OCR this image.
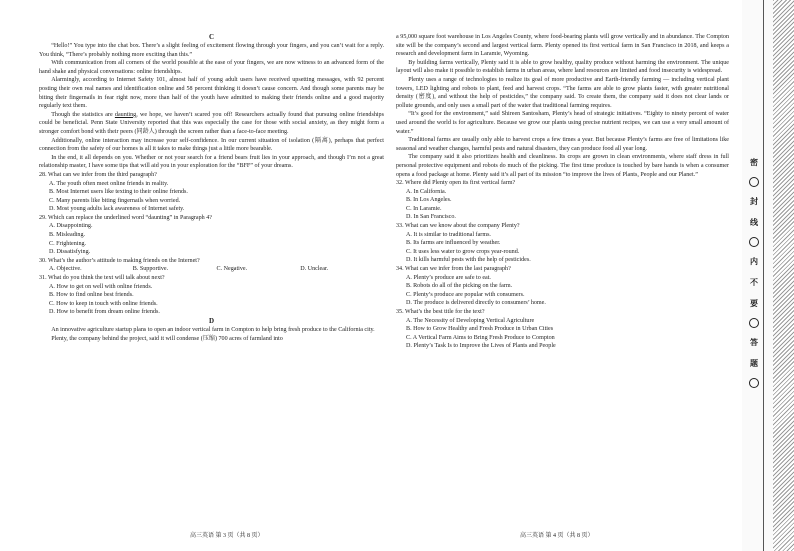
C

“Hello!” You type into the chat box. There’s a slight feeling of excitement flowing through your fingers, and you can’t wait for a reply. You think, “There’s probably nothing more exciting than this.”

With communication from all corners of the world possible at the ease of your fingers, we are now witness to an advanced form of the hand shake and physical conversations: online friendships.

Alarmingly, according to Internet Safety 101, almost half of young adult users have received upsetting messages, with 92 percent posting their own real names and identification online and 58 percent thinking it doesn’t cause concern. And though some parents may be biting their fingernails in fear right now, more than half of the youth have admitted to making their friends online and a good majority regularly text them.

Though the statistics are daunting, we hope, we haven’t scared you off! Researchers actually found that pursuing online friendships could be beneficial. Penn State University reported that this was especially the case for those with social anxiety, as they might form a stronger comfort bond with their peers (同龄人) through the screen rather than a face-to-face meeting.

Additionally, online interaction may increase your self-confidence. In our current situation of isolation (隔离), perhaps that perfect connection from the safety of our homes is all it takes to make things just a little more bearable.

In the end, it all depends on you. Whether or not your search for a friend bears fruit lies in your approach, and though I’m not a great relationship master, I have some tips that will aid you in your exploration for the “BFF” of your dreams.

28. What can we infer from the third paragraph?

A. The youth often meet online friends in reality.

B. Most Internet users like texting to their online friends.

C. Many parents like biting fingernails when worried.

D. Most young adults lack awareness of Internet safety.

29. Which can replace the underlined word “daunting” in Paragraph 4?

A. Disappointing.

B. Misleading.

C. Frightening.

D. Dissatisfying.

30. What’s the author’s attitude to making friends on the Internet?

A. Objective.	B. Supportive.	C. Negative.	D. Unclear.

31. What do you think the text will talk about next?

A. How to get on well with online friends.

B. How to find online best friends.

C. How to keep in touch with online friends.

D. How to benefit from dream online friends.

D

An innovative agriculture startup plans to open an indoor vertical farm in Compton to help bring fresh produce to the California city.

Plenty, the company behind the project, said it will condense (压缩) 700 acres of farmland into

a 95,000 square foot warehouse in Los Angeles County, where food-bearing plants will grow vertically and in abundance. The Compton site will be the company’s second and largest vertical farm. Plenty opened its first vertical farm in San Francisco in 2018, and keeps a research and development farm in Laramie, Wyoming.

By building farms vertically, Plenty said it is able to grow healthy, quality produce without harming the environment. The unique layout will also make it possible to establish farms in urban areas, where land resources are limited and food insecurity is widespread.

Plenty uses a range of technologies to realize its goal of more productive and Earth-friendly farming — including vertical plant towers, LED lighting and robots to plant, feed and harvest crops. “The farms are able to grow plants faster, with greater nutritional density (密度), and without the help of pesticides,” the company said. To create them, the company said it does not clear lands or pollute grounds, and only uses a small part of the water that traditional farming requires.

“It’s good for the environment,” said Shireen Santosham, Plenty’s head of strategic initiatives. “Eighty to ninety percent of water used around the world is for agriculture. Because we grow our plants using precise nutrient recipes, we can use a very small amount of water.”

Traditional farms are usually only able to harvest crops a few times a year. But because Plenty’s farms are free of limitations like seasonal and weather changes, harmful pests and natural disasters, they can produce food all year long.

The company said it also prioritizes health and cleanliness. Its crops are grown in clean environments, where staff dress in full personal protective equipment and robots do much of the picking. The first time produce is touched by bare hands is when a consumer opens a food package at home. Plenty said it’s all part of its mission “to improve the lives of Plants, People and our Planet.”

32. Where did Plenty open its first vertical farm?

A. In California.

B. In Los Angeles.

C. In Laramie.

D. In San Francisco.

33. What can we know about the company Plenty?

A. It is similar to traditional farms.

B. Its farms are influenced by weather.

C. It uses less water to grow crops year-round.

D. It kills harmful pests with the help of pesticides.

34. What can we infer from the last paragraph?

A. Plenty’s produce are safe to eat.

B. Robots do all of the picking on the farm.

C. Plenty’s produce are popular with consumers.

D. The produce is delivered directly to consumers’ home.

35. What’s the best title for the text?

A. The Necessity of Developing Vertical Agriculture

B. How to Grow Healthy and Fresh Produce in Urban Cities

C. A Vertical Farm Aims to Bring Fresh Produce to Compton

D. Plenty’s Task Is to Improve the Lives of Plants and People

高三英语 第 3 页（共 8 页）	高三英语 第 4 页（共 8 页）
密
封
线
内
不
要
答
题
